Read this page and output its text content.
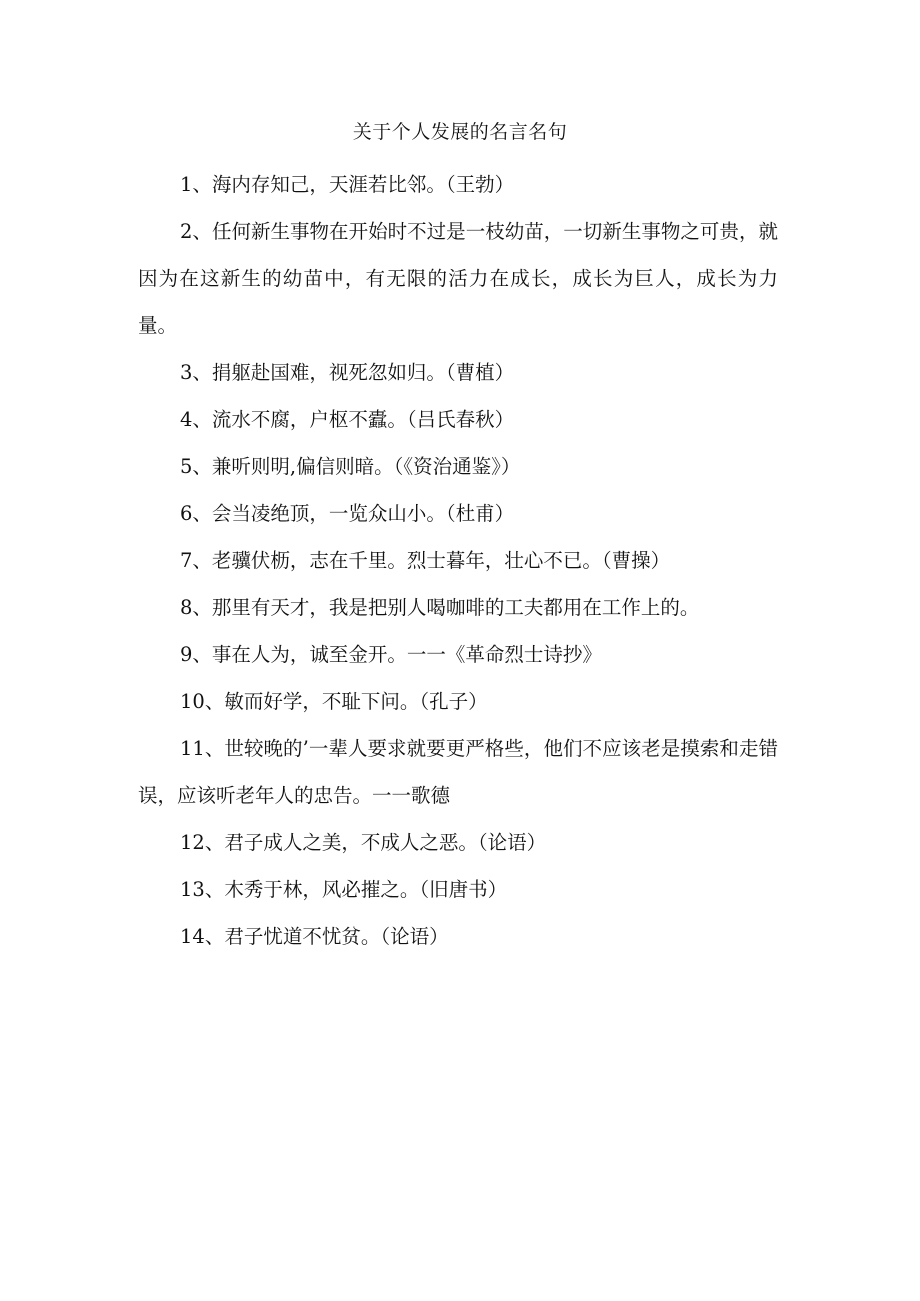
关于个人发展的名言名句

1、海内存知己，天涯若比邻。（王勃）

2、任何新生事物在开始时不过是一枝幼苗，一切新生事物之可贵，就因为在这新生的幼苗中，有无限的活力在成长，成长为巨人，成长为力量。

3、捐躯赴国难，视死忽如归。（曹植）

4、流水不腐，户枢不蠹。（吕氏春秋）

5、兼听则明,偏信则暗。（《资治通鉴》）

6、会当凌绝顶，一览众山小。（杜甫）

7、老骥伏枥，志在千里。烈士暮年，壮心不已。（曹操）

8、那里有天才，我是把别人喝咖啡的工夫都用在工作上的。

9、事在人为，诚至金开。一一《革命烈士诗抄》

10、敏而好学，不耻下问。（孔子）

11、世较晚的’一辈人要求就要更严格些，他们不应该老是摸索和走错误，应该听老年人的忠告。一一歌德

12、君子成人之美，不成人之恶。（论语）

13、木秀于林，风必摧之。（旧唐书）

14、君子忧道不忧贫。（论语）
